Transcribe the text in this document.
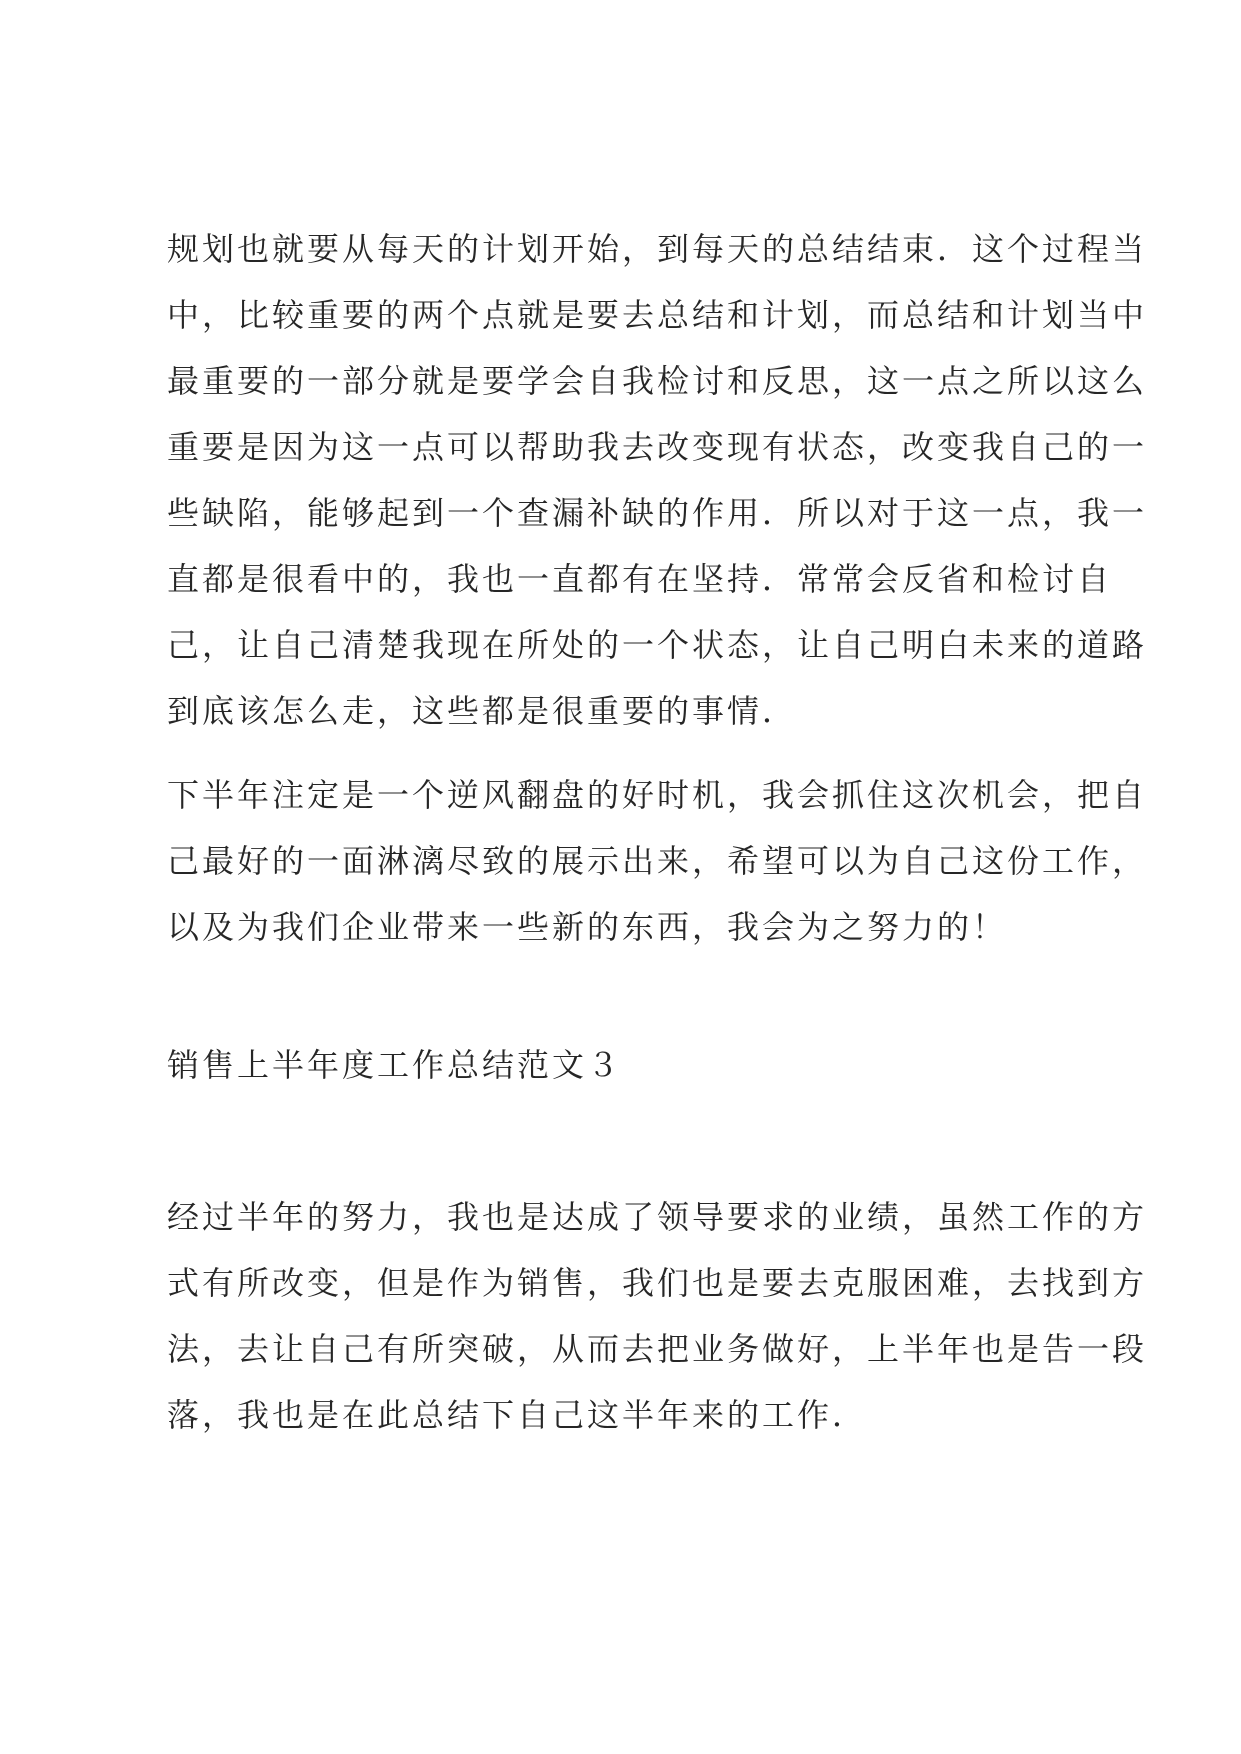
规划也就要从每天的计划开始，到每天的总结结束．这个过程当
中，比较重要的两个点就是要去总结和计划，而总结和计划当中
最重要的一部分就是要学会自我检讨和反思，这一点之所以这么
重要是因为这一点可以帮助我去改变现有状态，改变我自己的一
些缺陷，能够起到一个查漏补缺的作用．所以对于这一点，我一
直都是很看中的，我也一直都有在坚持．常常会反省和检讨自
己，让自己清楚我现在所处的一个状态，让自己明白未来的道路
到底该怎么走，这些都是很重要的事情．
下半年注定是一个逆风翻盘的好时机，我会抓住这次机会，把自
己最好的一面淋漓尽致的展示出来，希望可以为自己这份工作，
以及为我们企业带来一些新的东西，我会为之努力的！
销售上半年度工作总结范文３
经过半年的努力，我也是达成了领导要求的业绩，虽然工作的方
式有所改变，但是作为销售，我们也是要去克服困难，去找到方
法，去让自己有所突破，从而去把业务做好，上半年也是告一段
落，我也是在此总结下自己这半年来的工作．
